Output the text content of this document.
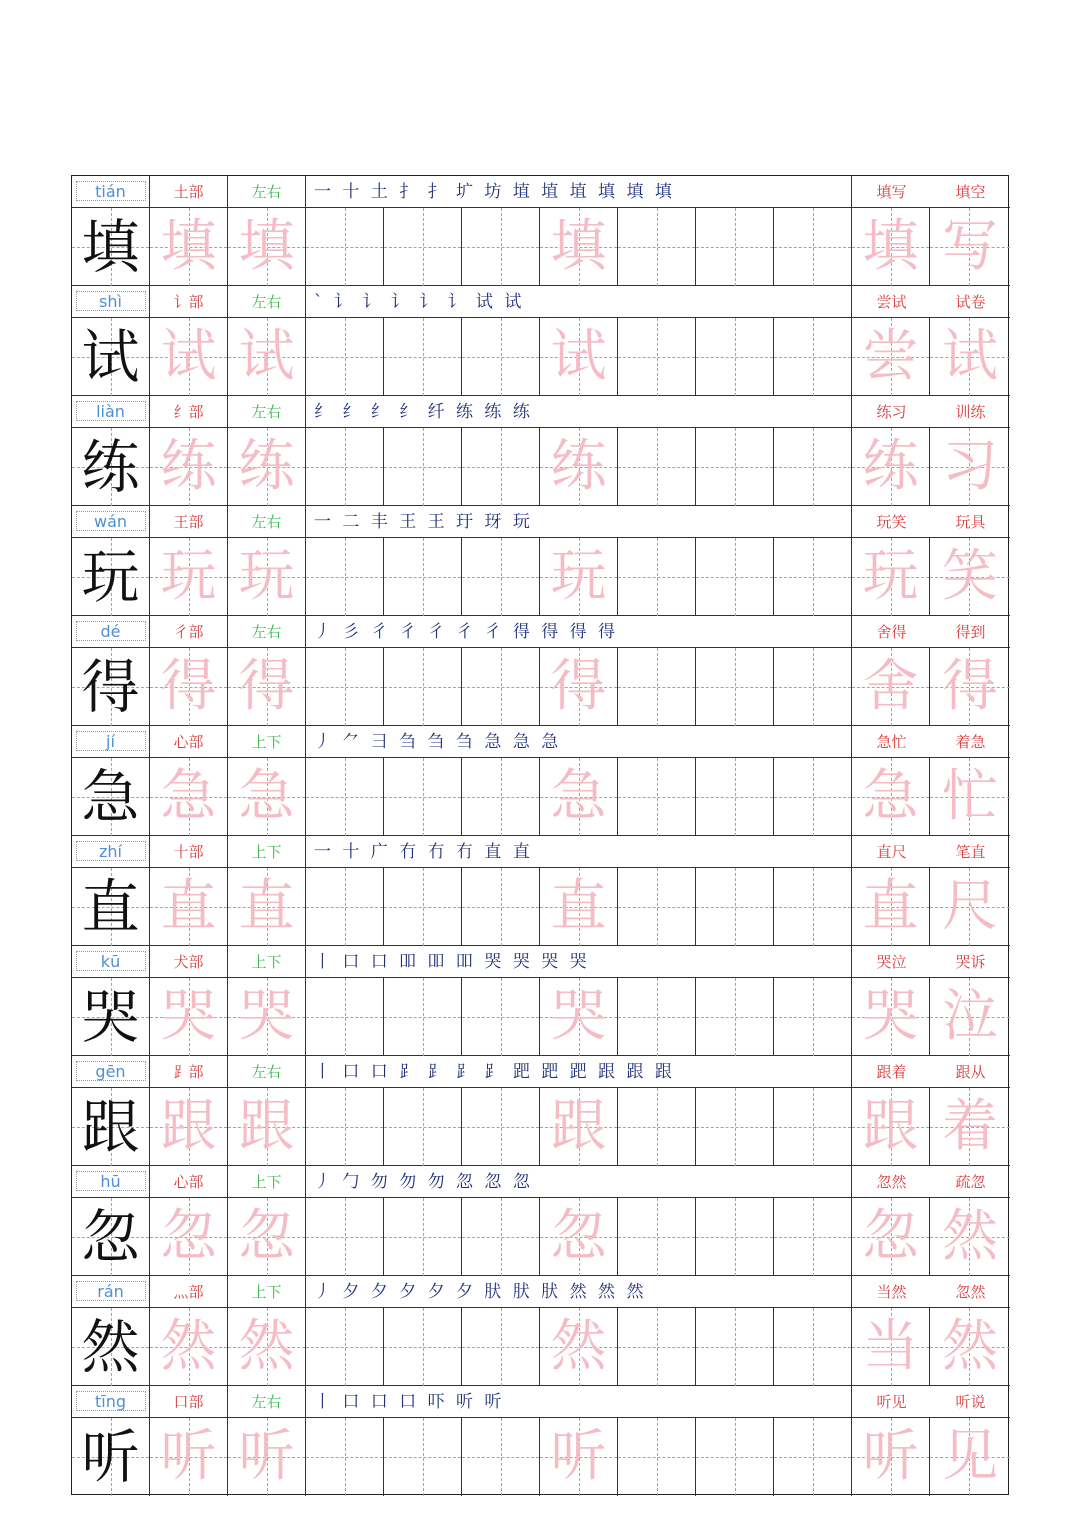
tián	土部	左右	一 十 土 扌 扌 圹 坊 埴 埴 埴 填 填 填	填写	填空
填 填 填	填	填 写
shì	讠部	左右	` 讠 讠 讠 讠 讠 试 试	尝试	试卷
试 试 试	试	尝 试
liàn	纟部	左右	纟 纟 纟 纟 纤 练 练 练	练习	训练
练 练 练	练	练 习
wán	王部	左右	一 二 丰 王 王 玗 玡 玩	玩笑	玩具
玩 玩 玩	玩	玩 笑
dé	彳部	左右	丿 彡 彳 彳 彳 彳 彳 得 得 得 得	舍得	得到
得 得 得	得	舍 得
jí	心部	上下	丿 ⺈ 彐 刍 刍 刍 急 急 急	急忙	着急
急 急 急	急	急 忙
zhí	十部	上下	一 十 广 冇 冇 冇 直 直	直尺	笔直
直 直 直	直	直 尺
kū	犬部	上下	丨 口 口 吅 吅 吅 哭 哭 哭 哭	哭泣	哭诉
哭 哭 哭	哭	哭 泣
gēn	⻊部	左右	丨 口 口 ⻊ ⻊ ⻊ ⻊ 跁 跁 跁 跟 跟 跟	跟着	跟从
跟 跟 跟	跟	跟 着
hū	心部	上下	丿 勹 勿 勿 勿 忽 忽 忽	忽然	疏忽
忽 忽 忽	忽	忽 然
rán	灬部	上下	丿 夕 夕 夕 夕 夕 肰 肰 肰 然 然 然	当然	忽然
然 然 然	然	当 然
tīng	口部	左右	丨 口 口 口 吓 听 听	听见	听说
听 听 听	听	听 见
